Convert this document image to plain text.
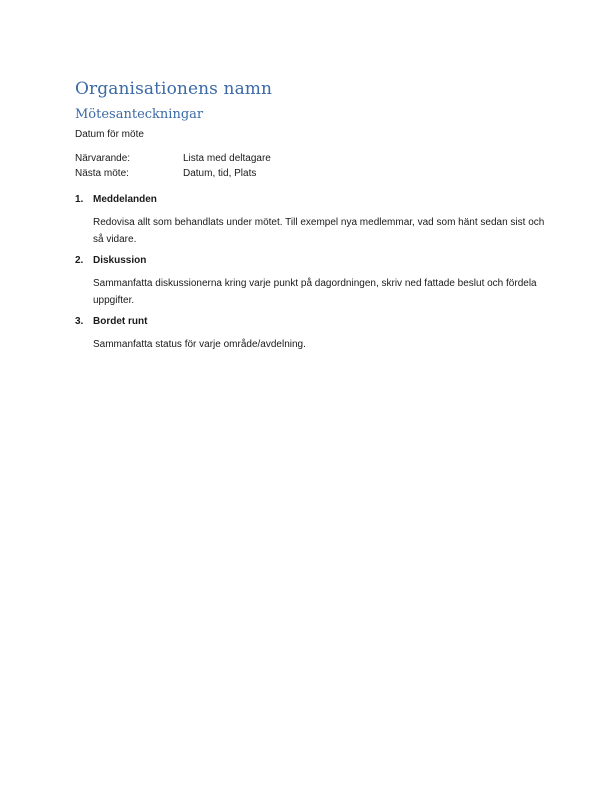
Organisationens namn
Mötesanteckningar
Datum för möte
Närvarande:	Lista med deltagare
Nästa möte:	Datum, tid, Plats
1. Meddelanden
Redovisa allt som behandlats under mötet. Till exempel nya medlemmar, vad som hänt sedan sist och så vidare.
2. Diskussion
Sammanfatta diskussionerna kring varje punkt på dagordningen, skriv ned fattade beslut och fördela uppgifter.
3. Bordet runt
Sammanfatta status för varje område/avdelning.
